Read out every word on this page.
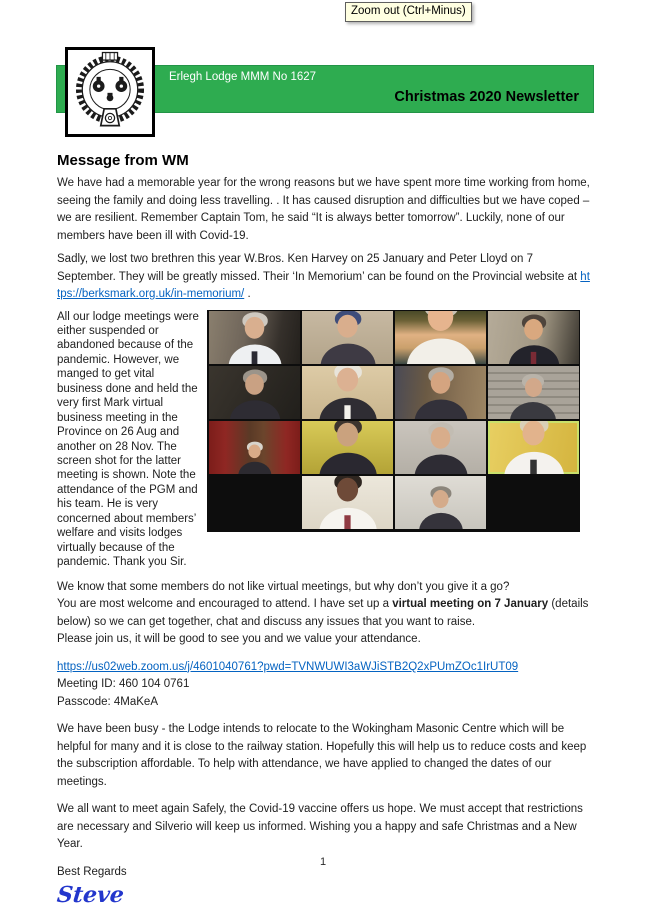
Zoom out (Ctrl+Minus)
Erlegh Lodge MMM No 1627
Christmas 2020 Newsletter
Message from WM

We have had a memorable year for the wrong reasons but we have spent more time working from home, seeing the family and doing less travelling. . It has caused disruption and difficulties but we have coped – we are resilient. Remember Captain Tom, he said “It is always better tomorrow”. Luckily, none of our members have been ill with Covid-19.

Sadly, we lost two brethren this year W.Bros. Ken Harvey on 25 January and Peter Lloyd on 7 September. They will be greatly missed. Their ‘In Memorium’ can be found on the Provincial website at https://berksmark.org.uk/in-memorium/ .

All our lodge meetings were either suspended or abandoned because of the pandemic. However, we manged to get vital business done and held the very first Mark virtual business meeting in the Province on 26 Aug and another on 28 Nov. The screen shot for the latter meeting is shown. Note the attendance of the PGM and his team. He is very concerned about members’ welfare and visits lodges virtually because of the pandemic. Thank you Sir.

We know that some members do not like virtual meetings, but why don’t you give it a go?
You are most welcome and encouraged to attend. I have set up a virtual meeting on 7 January (details below) so we can get together, chat and discuss any issues that you want to raise.
Please join us, it will be good to see you and we value your attendance.

https://us02web.zoom.us/j/4601040761?pwd=TVNWUWI3aWJiSTB2Q2xPUmZOc1IrUT09
Meeting ID: 460 104 0761
Passcode: 4MaKeA

We have been busy - the Lodge intends to relocate to the Wokingham Masonic Centre which will be helpful for many and it is close to the railway station. Hopefully this will help us to reduce costs and keep the subscription affordable. To help with attendance, we have applied to changed the dates of our meetings.

We all want to meet again Safely, the Covid-19 vaccine offers us hope. We must accept that restrictions are necessary and Silverio will keep us informed. Wishing you a happy and safe Christmas and a New Year.

Best Regards

Steve
1
